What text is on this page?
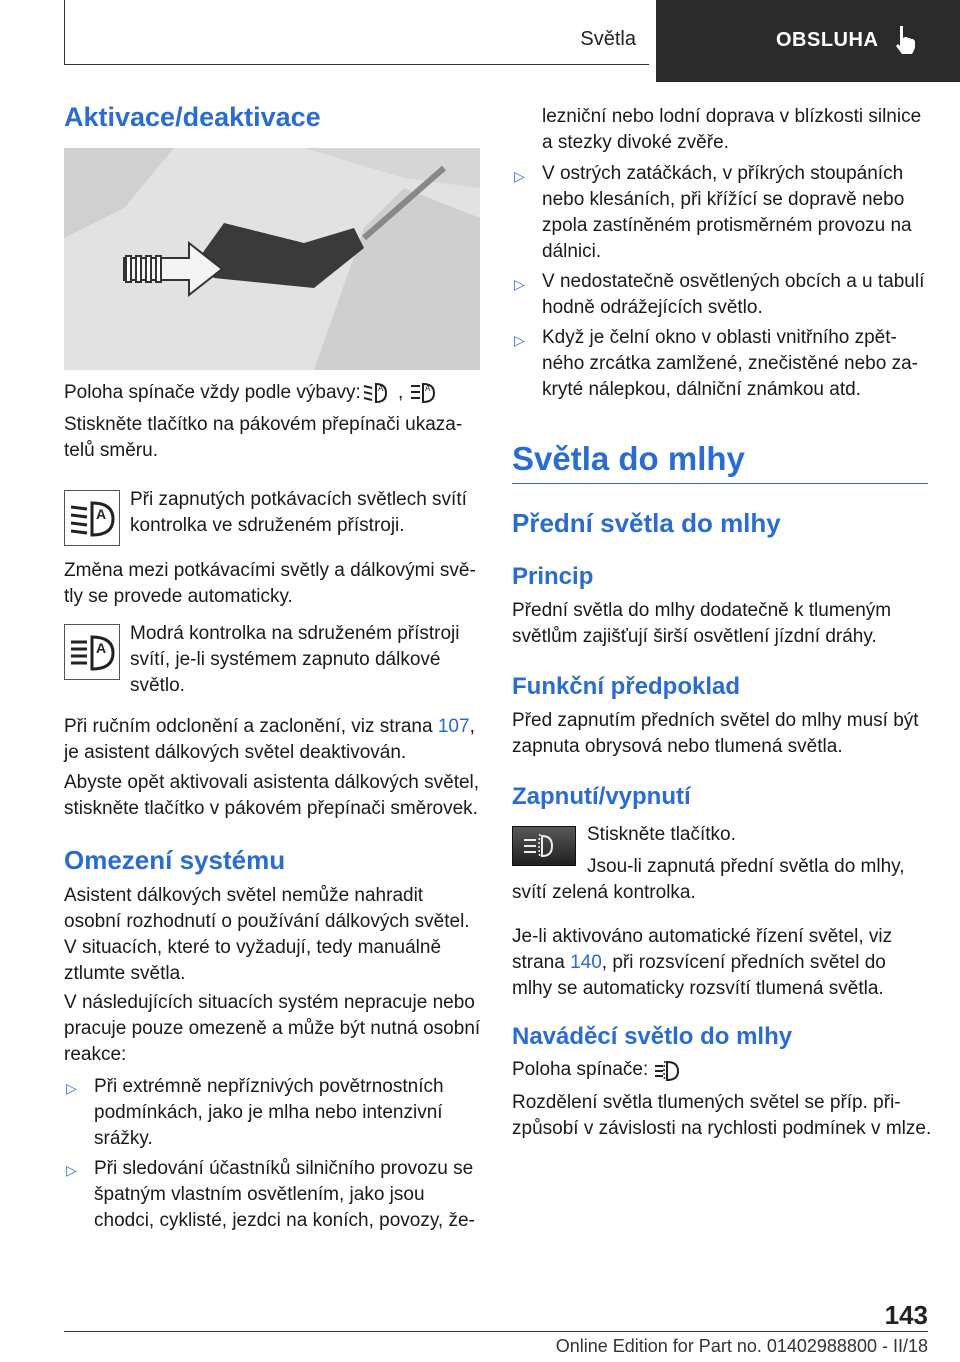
Světla	OBSLUHA
Aktivace/deaktivace
Poloha spínače vždy podle výbavy: A ,	A

Stiskněte tlačítko na pákovém přepínači ukaza-

telů směru.

A

Při zapnutých potkávacích světlech svítí

kontrolka ve sdruženém přístroji.

Změna mezi potkávacími světly a dálkovými svě-

tly se provede automaticky.

A

Modrá kontrolka na sdruženém přístroji

svítí, je-li systémem zapnuto dálkové

světlo.

Při ručním odclonění a zaclonění, viz strana 107,

je asistent dálkových světel deaktivován.

Abyste opět aktivovali asistenta dálkových světel,

stiskněte tlačítko v pákovém přepínači směrovek.

Omezení systému

Asistent dálkových světel nemůže nahradit

osobní rozhodnutí o používání dálkových světel.

V situacích, které to vyžadují, tedy manuálně

ztlumte světla.

V následujících situacích systém nepracuje nebo

pracuje pouze omezeně a může být nutná osobní

reakce:

▷ Při extrémně nepříznivých povětrnostních

podmínkách, jako je mlha nebo intenzivní

srážky.

▷ Při sledování účastníků silničního provozu se

špatným vlastním osvětlením, jako jsou

chodci, cyklisté, jezdci na koních, povozy, že-

lezniční nebo lodní doprava v blízkosti silnice

a stezky divoké zvěře.

▷ V ostrých zatáčkách, v příkrých stoupáních

nebo klesáních, při křížící se dopravě nebo

zpola zastíněném protisměrném provozu na

dálnici.

▷ V nedostatečně osvětlených obcích a u tabulí

hodně odrážejících světlo.

▷ Když je čelní okno v oblasti vnitřního zpět-

ného zrcátka zamlžené, znečistěné nebo za-

kryté nálepkou, dálniční známkou atd.

Světla do mlhy
Přední světla do mlhy
Princip

Přední světla do mlhy dodatečně k tlumeným

světlům zajišťují širší osvětlení jízdní dráhy.

Funkční předpoklad

Před zapnutím předních světel do mlhy musí být

zapnuta obrysová nebo tlumená světla.

Zapnutí/vypnutí
Stiskněte tlačítko.
Jsou-li zapnutá přední světla do mlhy,
svítí zelená kontrolka.

Je-li aktivováno automatické řízení světel, viz

strana 140, při rozsvícení předních světel do

mlhy se automaticky rozsvítí tlumená světla.

Naváděcí světlo do mlhy
Poloha spínače:

Rozdělení světla tlumených světel se příp. při-

způsobí v závislosti na rychlosti podmínek v mlze.

143
Online Edition for Part no. 01402988800 - II/18
